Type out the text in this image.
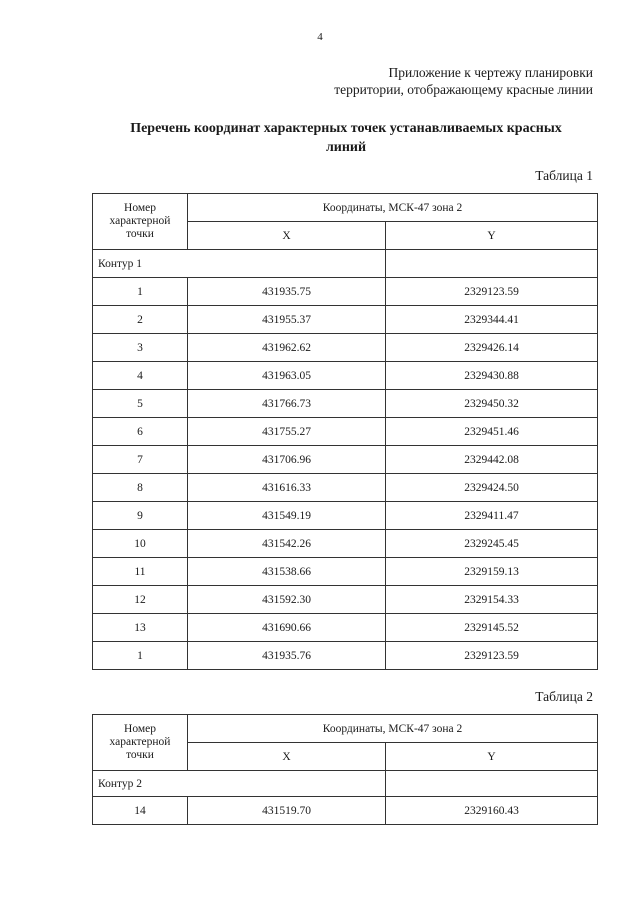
4
Приложение к чертежу планировки
территории, отображающему красные линии
Перечень координат характерных точек устанавливаемых красных
линий
Таблица 1
Номер
характерной
точки	Координаты, МСК-47 зона 2	
	X	Y
Контур 1		
1	431935.75	2329123.59
2	431955.37	2329344.41
3	431962.62	2329426.14
4	431963.05	2329430.88
5	431766.73	2329450.32
6	431755.27	2329451.46
7	431706.96	2329442.08
8	431616.33	2329424.50
9	431549.19	2329411.47
10	431542.26	2329245.45
11	431538.66	2329159.13
12	431592.30	2329154.33
13	431690.66	2329145.52
1	431935.76	2329123.59
Таблица 2
Номер
характерной
точки	Координаты, МСК-47 зона 2	
	X	Y
Контур 2		
14	431519.70	2329160.43
